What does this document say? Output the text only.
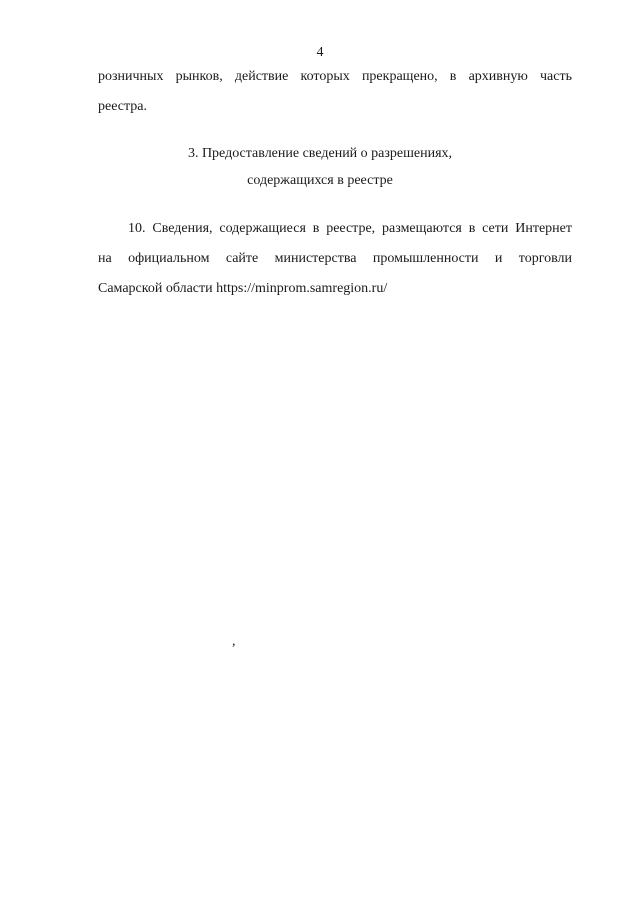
4
розничных рынков, действие которых прекращено, в архивную часть
реестра.
3. Предоставление сведений о разрешениях,
содержащихся в реестре
10. Сведения, содержащиеся в реестре, размещаются в сети Интернет
на официальном сайте министерства промышленности и торговли
Самарской области https://minprom.samregion.ru/
,
